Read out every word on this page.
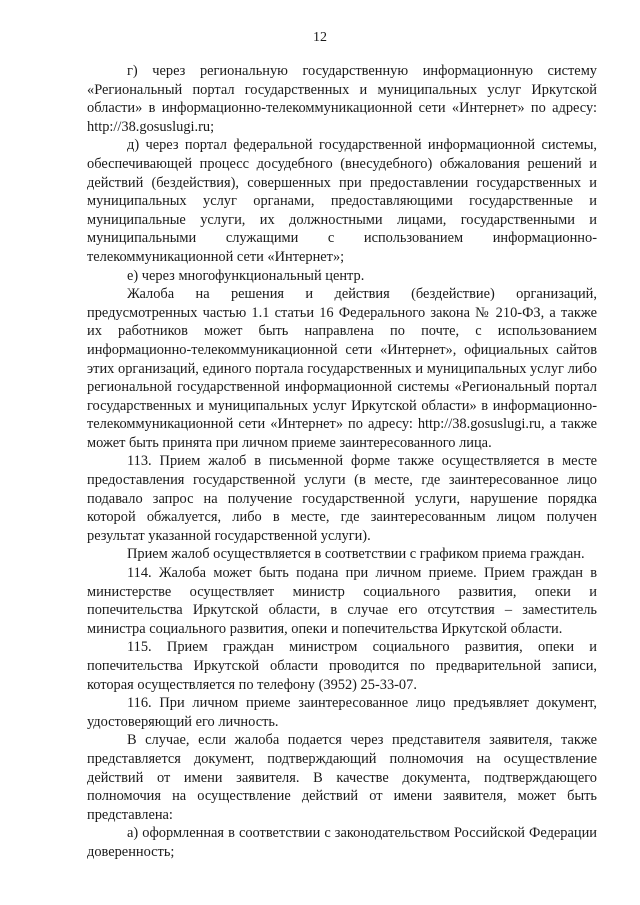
12

г) через региональную государственную информационную систему «Региональный портал государственных и муниципальных услуг Иркутской области» в информационно-телекоммуникационной сети «Интернет» по адресу: http://38.gosuslugi.ru;

д) через портал федеральной государственной информационной системы, обеспечивающей процесс досудебного (внесудебного) обжалования решений и действий (бездействия), совершенных при предоставлении государственных и муниципальных услуг органами, предоставляющими государственные и муниципальные услуги, их должностными лицами, государственными и муниципальными служащими с использованием информационно-телекоммуникационной сети «Интернет»;

е) через многофункциональный центр.

Жалоба на решения и действия (бездействие) организаций, предусмотренных частью 1.1 статьи 16 Федерального закона № 210-ФЗ, а также их работников может быть направлена по почте, с использованием информационно-телекоммуникационной сети «Интернет», официальных сайтов этих организаций, единого портала государственных и муниципальных услуг либо региональной государственной информационной системы «Региональный портал государственных и муниципальных услуг Иркутской области» в информационно-телекоммуникационной сети «Интернет» по адресу: http://38.gosuslugi.ru, а также может быть принята при личном приеме заинтересованного лица.

113. Прием жалоб в письменной форме также осуществляется в месте предоставления государственной услуги (в месте, где заинтересованное лицо подавало запрос на получение государственной услуги, нарушение порядка которой обжалуется, либо в месте, где заинтересованным лицом получен результат указанной государственной услуги).

Прием жалоб осуществляется в соответствии с графиком приема граждан.

114. Жалоба может быть подана при личном приеме. Прием граждан в министерстве осуществляет министр социального развития, опеки и попечительства Иркутской области, в случае его отсутствия – заместитель министра социального развития, опеки и попечительства Иркутской области.

115. Прием граждан министром социального развития, опеки и попечительства Иркутской области проводится по предварительной записи, которая осуществляется по телефону (3952) 25-33-07.

116. При личном приеме заинтересованное лицо предъявляет документ, удостоверяющий его личность.

В случае, если жалоба подается через представителя заявителя, также представляется документ, подтверждающий полномочия на осуществление действий от имени заявителя. В качестве документа, подтверждающего полномочия на осуществление действий от имени заявителя, может быть представлена:

а) оформленная в соответствии с законодательством Российской Федерации доверенность;
